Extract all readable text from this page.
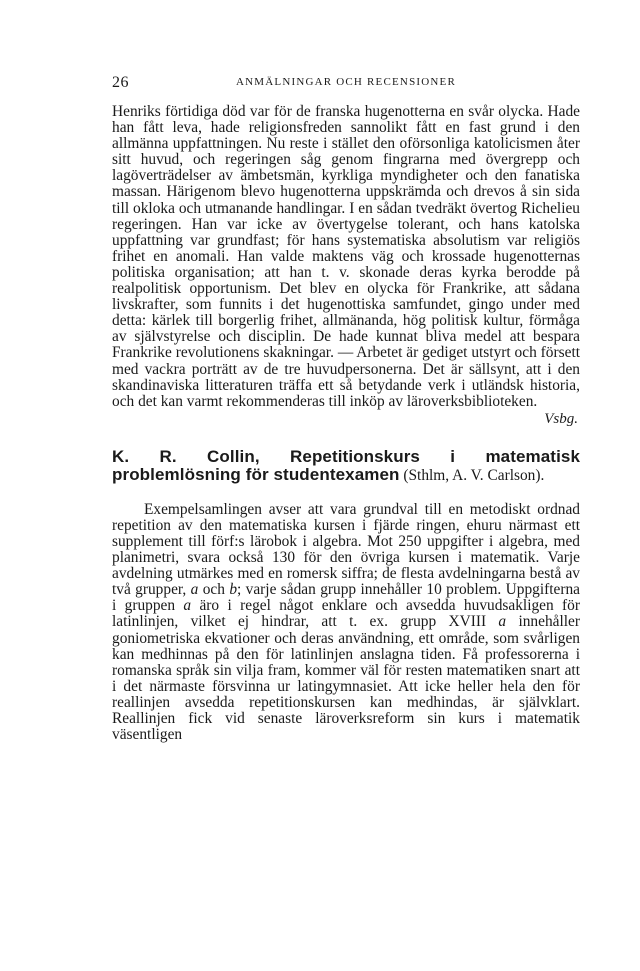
26	ANMÄLNINGAR OCH RECENSIONER

Henriks förtidiga död var för de franska hugenotterna en svår olycka. Hade han fått leva, hade religionsfreden sannolikt fått en fast grund i den allmänna uppfattningen. Nu reste i stället den oförsonliga katolicismen åter sitt huvud, och regeringen såg genom fingrarna med övergrepp och lagöverträdelser av ämbetsmän, kyrkliga myndigheter och den fanatiska massan. Härigenom blevo hugenotterna uppskrämda och drevos å sin sida till okloka och utmanande handlingar. I en sådan tvedräkt övertog Richelieu regeringen. Han var icke av övertygelse tolerant, och hans katolska uppfattning var grundfast; för hans systematiska absolutism var religiös frihet en anomali. Han valde maktens väg och krossade hugenotternas politiska organisation; att han t. v. skonade deras kyrka berodde på realpolitisk opportunism. Det blev en olycka för Frankrike, att sådana livskrafter, som funnits i det hugenottiska samfundet, gingo under med detta: kärlek till borgerlig frihet, allmänanda, hög politisk kultur, förmåga av självstyrelse och disciplin. De hade kunnat bliva medel att bespara Frankrike revolutionens skakningar. — Arbetet är gediget utstyrt och försett med vackra porträtt av de tre huvudpersonerna. Det är sällsynt, att i den skandinaviska litteraturen träffa ett så betydande verk i utländsk historia, och det kan varmt rekommenderas till inköp av läroverksbiblioteken.

Vsbg.

K. R. Collin, Repetitionskurs i matematisk problemlösning för studentexamen (Sthlm, A. V. Carlson).

Exempelsamlingen avser att vara grundval till en metodiskt ordnad repetition av den matematiska kursen i fjärde ringen, ehuru närmast ett supplement till förf:s lärobok i algebra. Mot 250 uppgifter i algebra, med planimetri, svara också 130 för den övriga kursen i matematik. Varje avdelning utmärkes med en romersk siffra; de flesta avdelningarna bestå av två grupper, a och b; varje sådan grupp innehåller 10 problem. Uppgifterna i gruppen a äro i regel något enklare och avsedda huvudsakligen för latinlinjen, vilket ej hindrar, att t. ex. grupp XVIII a innehåller goniometriska ekvationer och deras användning, ett område, som svårligen kan medhinnas på den för latinlinjen anslagna tiden. Få professorerna i romanska språk sin vilja fram, kommer väl för resten matematiken snart att i det närmaste försvinna ur latingymnasiet. Att icke heller hela den för reallinjen avsedda repetitionskursen kan medhindas, är självklart. Reallinjen fick vid senaste läroverksreform sin kurs i matematik väsentligen
